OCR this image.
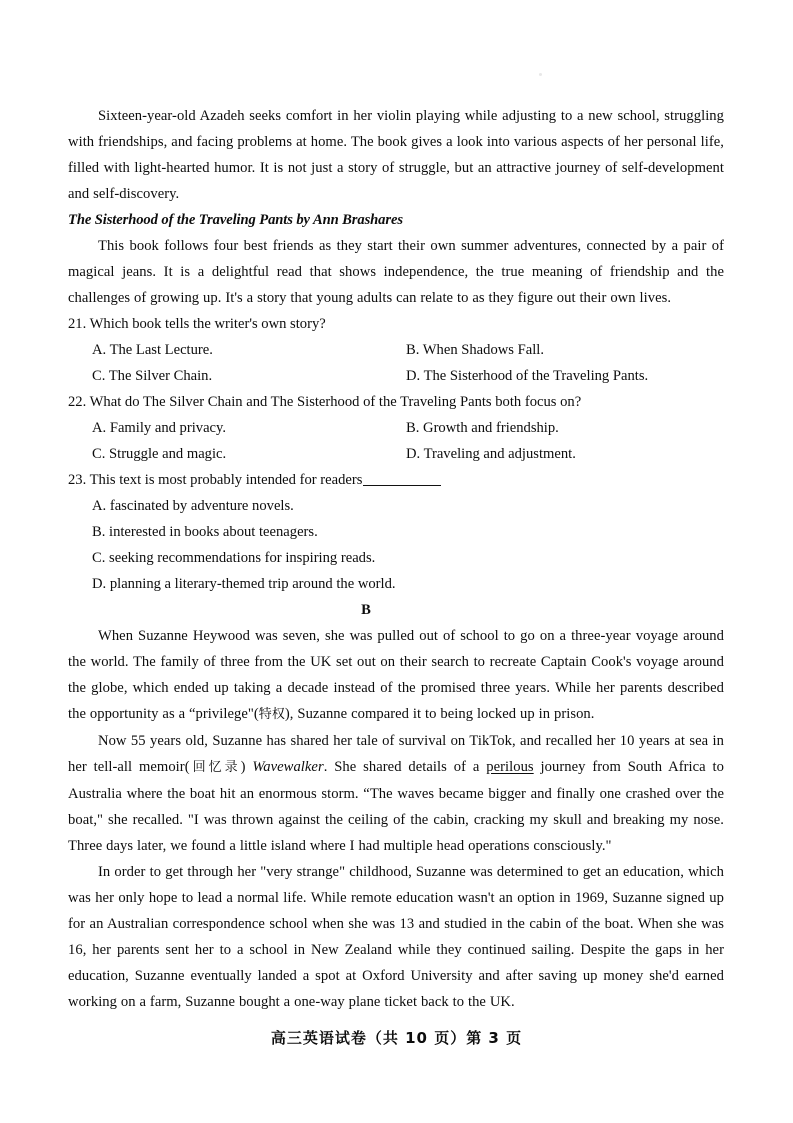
Sixteen-year-old Azadeh seeks comfort in her violin playing while adjusting to a new school, struggling with friendships, and facing problems at home. The book gives a look into various aspects of her personal life, filled with light-hearted humor. It is not just a story of struggle, but an attractive journey of self-development and self-discovery.

The Sisterhood of the Traveling Pants by Ann Brashares

This book follows four best friends as they start their own summer adventures, connected by a pair of magical jeans. It is a delightful read that shows independence, the true meaning of friendship and the challenges of growing up. It's a story that young adults can relate to as they figure out their own lives.

21. Which book tells the writer's own story?

A. The Last Lecture.	B. When Shadows Fall.
C. The Silver Chain.	D. The Sisterhood of the Traveling Pants.

22. What do The Silver Chain and The Sisterhood of the Traveling Pants both focus on?

A. Family and privacy.	B. Growth and friendship.
C. Struggle and magic.	D. Traveling and adjustment.

23. This text is most probably intended for readers

A. fascinated by adventure novels.
B. interested in books about teenagers.
C. seeking recommendations for inspiring reads.
D. planning a literary-themed trip around the world.

B

When Suzanne Heywood was seven, she was pulled out of school to go on a three-year voyage around the world. The family of three from the UK set out on their search to recreate Captain Cook's voyage around the globe, which ended up taking a decade instead of the promised three years. While her parents described the opportunity as a “privilege"(特权), Suzanne compared it to being locked up in prison.

Now 55 years old, Suzanne has shared her tale of survival on TikTok, and recalled her 10 years at sea in her tell-all memoir(回忆录) Wavewalker. She shared details of a perilous journey from South Africa to Australia where the boat hit an enormous storm. “The waves became bigger and finally one crashed over the boat," she recalled. "I was thrown against the ceiling of the cabin, cracking my skull and breaking my nose. Three days later, we found a little island where I had multiple head operations consciously."

In order to get through her "very strange" childhood, Suzanne was determined to get an education, which was her only hope to lead a normal life. While remote education wasn't an option in 1969, Suzanne signed up for an Australian correspondence school when she was 13 and studied in the cabin of the boat. When she was 16, her parents sent her to a school in New Zealand while they continued sailing. Despite the gaps in her education, Suzanne eventually landed a spot at Oxford University and after saving up money she'd earned working on a farm, Suzanne bought a one-way plane ticket back to the UK.

高三英语试卷（共 10 页）第 3 页
